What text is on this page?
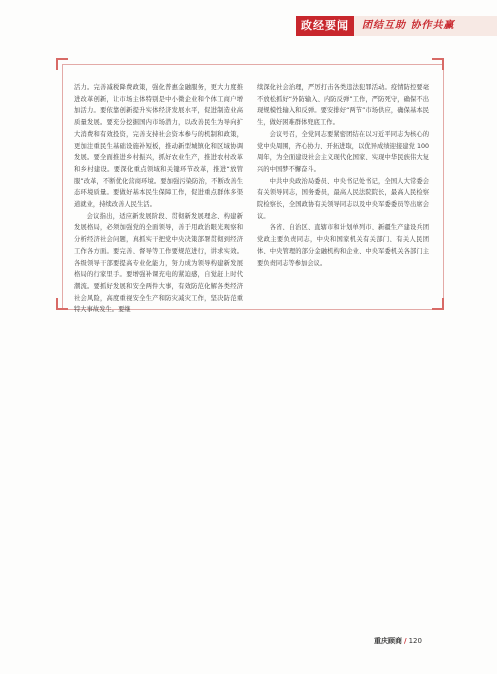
政经要闻	团结互助 协作共赢

活力。完善减税降费政策，强化普惠金融服务，更大力度推进改革创新，让市场主体特别是中小微企业和个体工商户增加活力。要依靠创新提升实体经济发展水平，促进制造业高质量发展。要充分挖掘国内市场潜力，以改善民生为导向扩大消费和有效投资，完善支持社会资本参与的机制和政策，更加注重民生基础设施补短板，推动新型城镇化和区域协调发展。要全面推进乡村振兴，抓好农业生产，推进农村改革和乡村建设。要深化重点领域和关键环节改革，推进“放管服”改革，不断优化营商环境。要加强污染防治，不断改善生态环境质量。要做好基本民生保障工作，促进重点群体多渠道就业，持续改善人民生活。

会议指出，适应新发展阶段、贯彻新发展理念、构建新发展格局，必须加强党的全面领导，善于用政治眼光观察和分析经济社会问题，真抓实干把党中央决策部署贯彻到经济工作各方面。要完善、督导等工作要规范进行，讲求实效。各级领导干部要提高专业化能力，努力成为领导构建新发展格局的行家里手。要增强补课充电的紧迫感，自觉赶上时代潮流。要抓好发展和安全两件大事，有效防范化解各类经济社会风险，高度重视安全生产和防灾减灾工作，坚决防范重特大事故发生。要继

续深化社会治理，严厉打击各类违法犯罪活动。疫情防控要毫不放松抓好“外防输入、内防反弹”工作，严防死守，确保不出现规模性输入和反弹。要安排好“两节”市场供应，确保基本民生，做好困难群体兜底工作。

会议号召，全党同志要紧密团结在以习近平同志为核心的党中央周围，齐心协力、开拓进取，以优异成绩迎接建党 100 周年，为全面建设社会主义现代化国家、实现中华民族伟大复兴的中国梦不懈奋斗。

中共中央政治局委员、中央书记处书记，全国人大常委会有关领导同志，国务委员，最高人民法院院长，最高人民检察院检察长，全国政协有关领导同志以及中央军委委员等出席会议。

各省、自治区、直辖市和计划单列市、新疆生产建设兵团党政主要负责同志，中央和国家机关有关部门、有关人民团体、中央管理的部分金融机构和企业、中央军委机关各部门主要负责同志等参加会议。

重庆顾商 / 120
